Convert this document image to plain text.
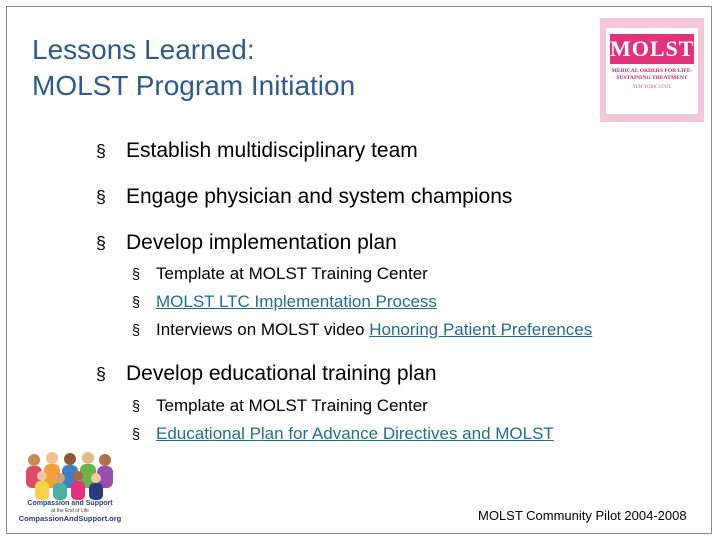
Lessons Learned:
MOLST Program Initiation
MOLST
MEDICAL ORDERS FOR LIFE-SUSTAINING TREATMENT
NEW YORK STATE
§ Establish multidisciplinary team
§ Engage physician and system champions
§ Develop implementation plan
§ Template at MOLST Training Center
§ MOLST LTC Implementation Process
§ Interviews on MOLST video Honoring Patient Preferences
§ Develop educational training plan
§ Template at MOLST Training Center
§ Educational Plan for Advance Directives and MOLST
Compassion and Support
at the End of Life
CompassionAndSupport.org	MOLST Community Pilot 2004-2008
